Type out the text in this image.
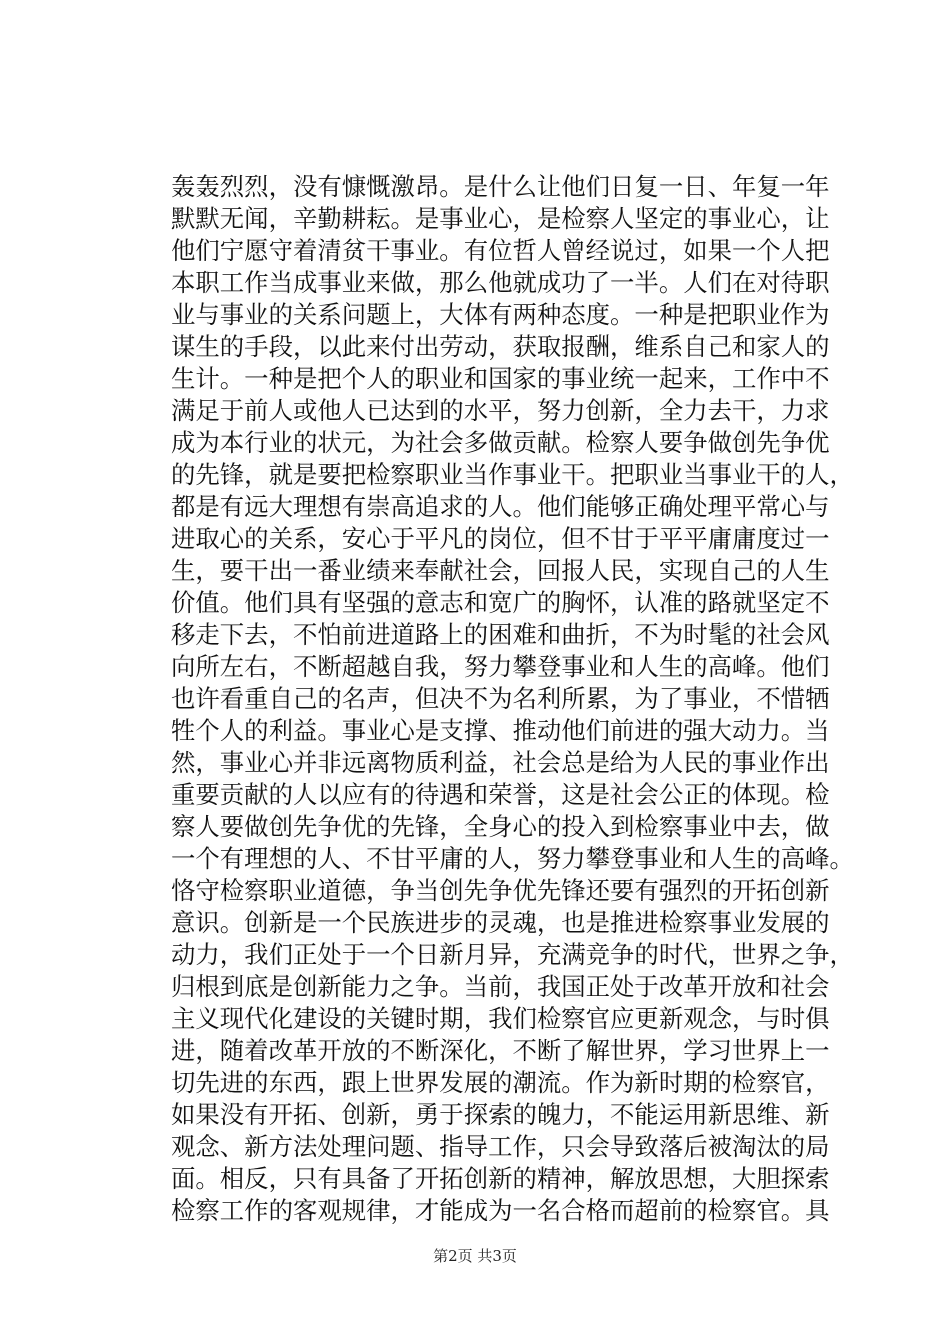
轰轰烈烈，没有慷慨激昂。是什么让他们日复一日、年复一年
默默无闻，辛勤耕耘。是事业心，是检察人坚定的事业心，让
他们宁愿守着清贫干事业。有位哲人曾经说过，如果一个人把
本职工作当成事业来做，那么他就成功了一半。人们在对待职
业与事业的关系问题上，大体有两种态度。一种是把职业作为
谋生的手段，以此来付出劳动，获取报酬，维系自己和家人的
生计。一种是把个人的职业和国家的事业统一起来，工作中不
满足于前人或他人已达到的水平，努力创新，全力去干，力求
成为本行业的状元，为社会多做贡献。检察人要争做创先争优
的先锋，就是要把检察职业当作事业干。把职业当事业干的人，
都是有远大理想有崇高追求的人。他们能够正确处理平常心与
进取心的关系，安心于平凡的岗位，但不甘于平平庸庸度过一
生，要干出一番业绩来奉献社会，回报人民，实现自己的人生
价值。他们具有坚强的意志和宽广的胸怀，认准的路就坚定不
移走下去，不怕前进道路上的困难和曲折，不为时髦的社会风
向所左右，不断超越自我，努力攀登事业和人生的高峰。他们
也许看重自己的名声，但决不为名利所累，为了事业，不惜牺
牲个人的利益。事业心是支撑、推动他们前进的强大动力。当
然，事业心并非远离物质利益，社会总是给为人民的事业作出
重要贡献的人以应有的待遇和荣誉，这是社会公正的体现。检
察人要做创先争优的先锋，全身心的投入到检察事业中去，做
一个有理想的人、不甘平庸的人，努力攀登事业和人生的高峰。
恪守检察职业道德，争当创先争优先锋还要有强烈的开拓创新
意识。创新是一个民族进步的灵魂，也是推进检察事业发展的
动力，我们正处于一个日新月异，充满竞争的时代，世界之争，
归根到底是创新能力之争。当前，我国正处于改革开放和社会
主义现代化建设的关键时期，我们检察官应更新观念，与时俱
进，随着改革开放的不断深化，不断了解世界，学习世界上一
切先进的东西，跟上世界发展的潮流。作为新时期的检察官，
如果没有开拓、创新，勇于探索的魄力，不能运用新思维、新
观念、新方法处理问题、指导工作，只会导致落后被淘汰的局
面。相反，只有具备了开拓创新的精神，解放思想，大胆探索
检察工作的客观规律，才能成为一名合格而超前的检察官。具
第2页 共3页
